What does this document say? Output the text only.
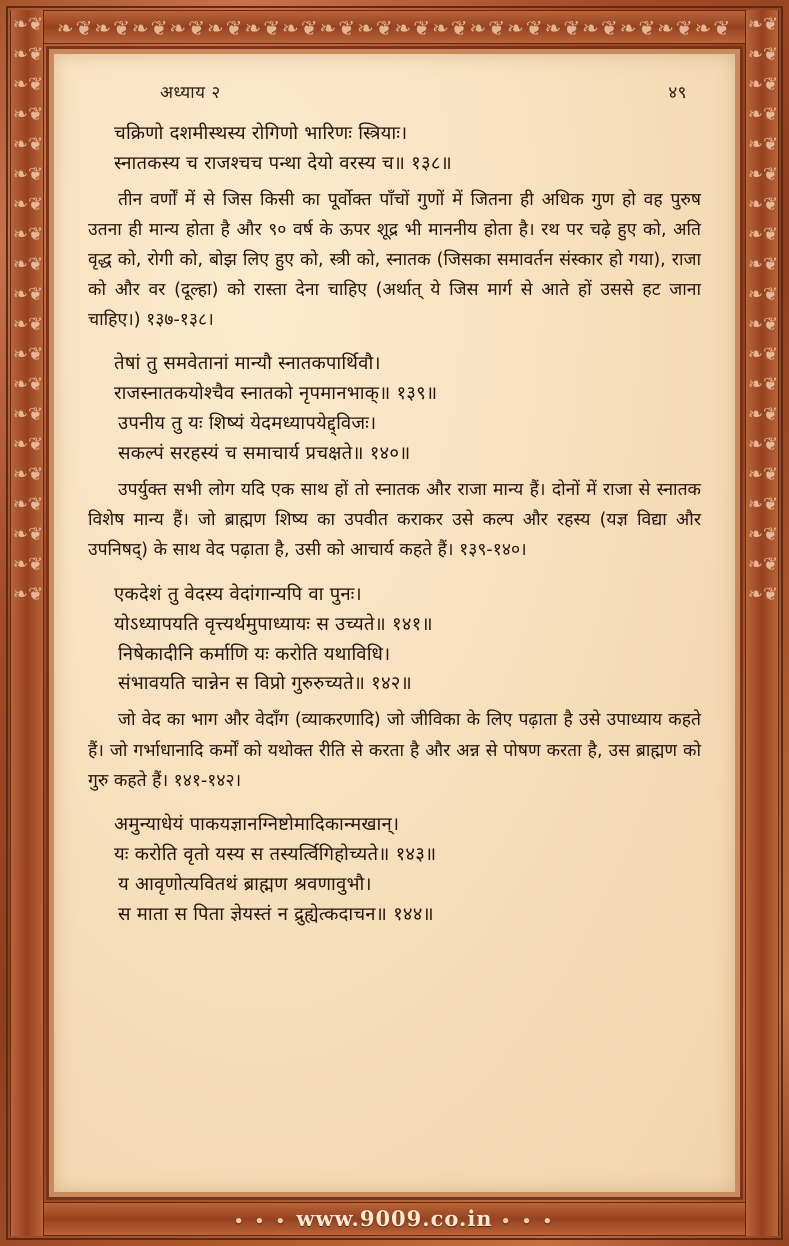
❧❦❧❦❧❦❧❦❧❦❧❦❧❦❧❦❧❦❧❦❧❦❧❦❧❦❧❦❧❦❧❦❧❦❧❦
❧❦❧❦❧❦❧❦❧❦❧❦❧❦❧❦❧❦❧❦❧❦❧❦❧❦❧❦❧❦❧❦❧❦❧❦❧❦❧❦
❧❦❧❦❧❦❧❦❧❦❧❦❧❦❧❦❧❦❧❦❧❦❧❦❧❦❧❦❧❦❧❦❧❦❧❦❧❦❧❦
अध्याय २	४९
चक्रिणो दशमीस्थस्य रोगिणो भारिणः स्त्रियाः।
स्नातकस्य च राजश्चच पन्था देयो वरस्य च॥ १३८॥
तीन वर्णों में से जिस किसी का पूर्वोक्त पाँचों गुणों में जितना ही अधिक गुण हो वह पुरुष उतना ही मान्य होता है और ९० वर्ष के ऊपर शूद्र भी माननीय होता है। रथ पर चढ़े हुए को, अति वृद्ध को, रोगी को, बोझ लिए हुए को, स्त्री को, स्नातक (जिसका समावर्तन संस्कार हो गया), राजा को और वर (दूल्हा) को रास्ता देना चाहिए (अर्थात् ये जिस मार्ग से आते हों उससे हट जाना चाहिए।) १३७-१३८।
तेषां तु समवेतानां मान्यौ स्नातकपार्थिवौ।
राजस्नातकयोश्चैव स्नातको नृपमानभाक्॥ १३९॥
उपनीय तु यः शिष्यं येदमध्यापयेद्द्विजः।
सकल्पं सरहस्यं च समाचार्य प्रचक्षते॥ १४०॥
उपर्युक्त सभी लोग यदि एक साथ हों तो स्नातक और राजा मान्य हैं। दोनों में राजा से स्नातक विशेष मान्य हैं। जो ब्राह्मण शिष्य का उपवीत कराकर उसे कल्प और रहस्य (यज्ञ विद्या और उपनिषद्) के साथ वेद पढ़ाता है, उसी को आचार्य कहते हैं। १३९-१४०।
एकदेशं तु वेदस्य वेदांगान्यपि वा पुनः।
योऽध्यापयति वृत्त्यर्थमुपाध्यायः स उच्यते॥ १४१॥
निषेकादीनि कर्माणि यः करोति यथाविधि।
संभावयति चान्नेन स विप्रो गुरुरुच्यते॥ १४२॥
जो वेद का भाग और वेदाँग (व्याकरणादि) जो जीविका के लिए पढ़ाता है उसे उपाध्याय कहते हैं। जो गर्भाधानादि कर्मों को यथोक्त रीति से करता है और अन्न से पोषण करता है, उस ब्राह्मण को गुरु कहते हैं। १४१-१४२।
अमुन्याधेयं पाकयज्ञानग्निष्टोमादिकान्मखान्।
यः करोति वृतो यस्य स तस्यर्त्विगिहोच्यते॥ १४३॥
य आवृणोत्यवितथं ब्राह्मण श्रवणावुभौ।
स माता स पिता ज्ञेयस्तं न द्रुह्येत्कदाचन॥ १४४॥
• • • www.9009.co.in • • •
